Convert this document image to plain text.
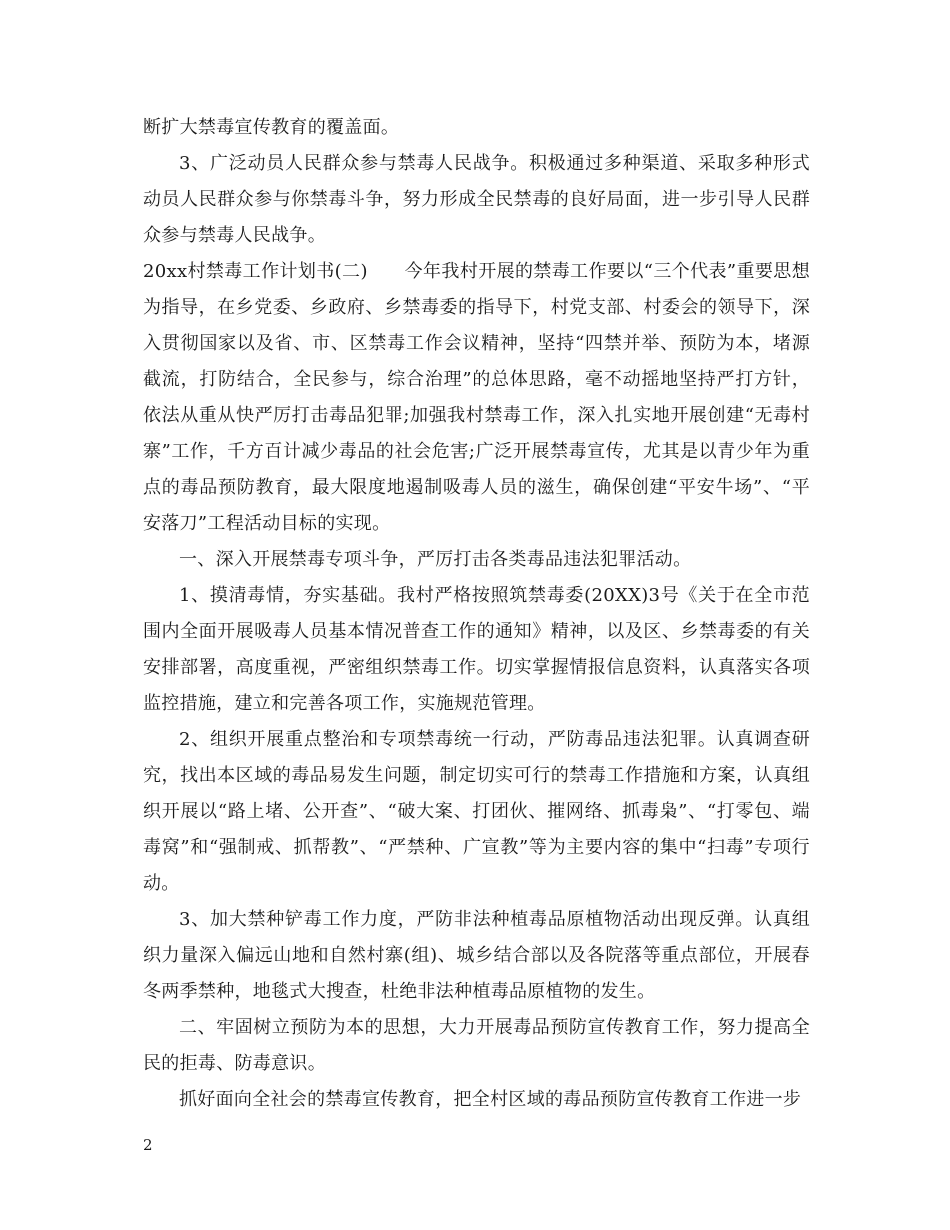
断扩大禁毒宣传教育的覆盖面。

3、广泛动员人民群众参与禁毒人民战争。积极通过多种渠道、采取多种形式动员人民群众参与你禁毒斗争，努力形成全民禁毒的良好局面，进一步引导人民群众参与禁毒人民战争。

20xx村禁毒工作计划书(二)　　今年我村开展的禁毒工作要以“三个代表”重要思想为指导，在乡党委、乡政府、乡禁毒委的指导下，村党支部、村委会的领导下，深入贯彻国家以及省、市、区禁毒工作会议精神，坚持“四禁并举、预防为本，堵源截流，打防结合，全民参与，综合治理”的总体思路，毫不动摇地坚持严打方针，依法从重从快严厉打击毒品犯罪;加强我村禁毒工作，深入扎实地开展创建“无毒村寨”工作，千方百计减少毒品的社会危害;广泛开展禁毒宣传，尤其是以青少年为重点的毒品预防教育，最大限度地遏制吸毒人员的滋生，确保创建“平安牛场”、“平安落刀”工程活动目标的实现。

一、深入开展禁毒专项斗争，严厉打击各类毒品违法犯罪活动。

1、摸清毒情，夯实基础。我村严格按照筑禁毒委(20XX)3号《关于在全市范围内全面开展吸毒人员基本情况普查工作的通知》精神，以及区、乡禁毒委的有关安排部署，高度重视，严密组织禁毒工作。切实掌握情报信息资料，认真落实各项监控措施，建立和完善各项工作，实施规范管理。

2、组织开展重点整治和专项禁毒统一行动，严防毒品违法犯罪。认真调查研究，找出本区域的毒品易发生问题，制定切实可行的禁毒工作措施和方案，认真组织开展以“路上堵、公开查”、“破大案、打团伙、摧网络、抓毒枭”、“打零包、端毒窝”和“强制戒、抓帮教”、“严禁种、广宣教”等为主要内容的集中“扫毒”专项行动。

3、加大禁种铲毒工作力度，严防非法种植毒品原植物活动出现反弹。认真组织力量深入偏远山地和自然村寨(组)、城乡结合部以及各院落等重点部位，开展春冬两季禁种，地毯式大搜查，杜绝非法种植毒品原植物的发生。

二、牢固树立预防为本的思想，大力开展毒品预防宣传教育工作，努力提高全民的拒毒、防毒意识。

抓好面向全社会的禁毒宣传教育，把全村区域的毒品预防宣传教育工作进一步

2
